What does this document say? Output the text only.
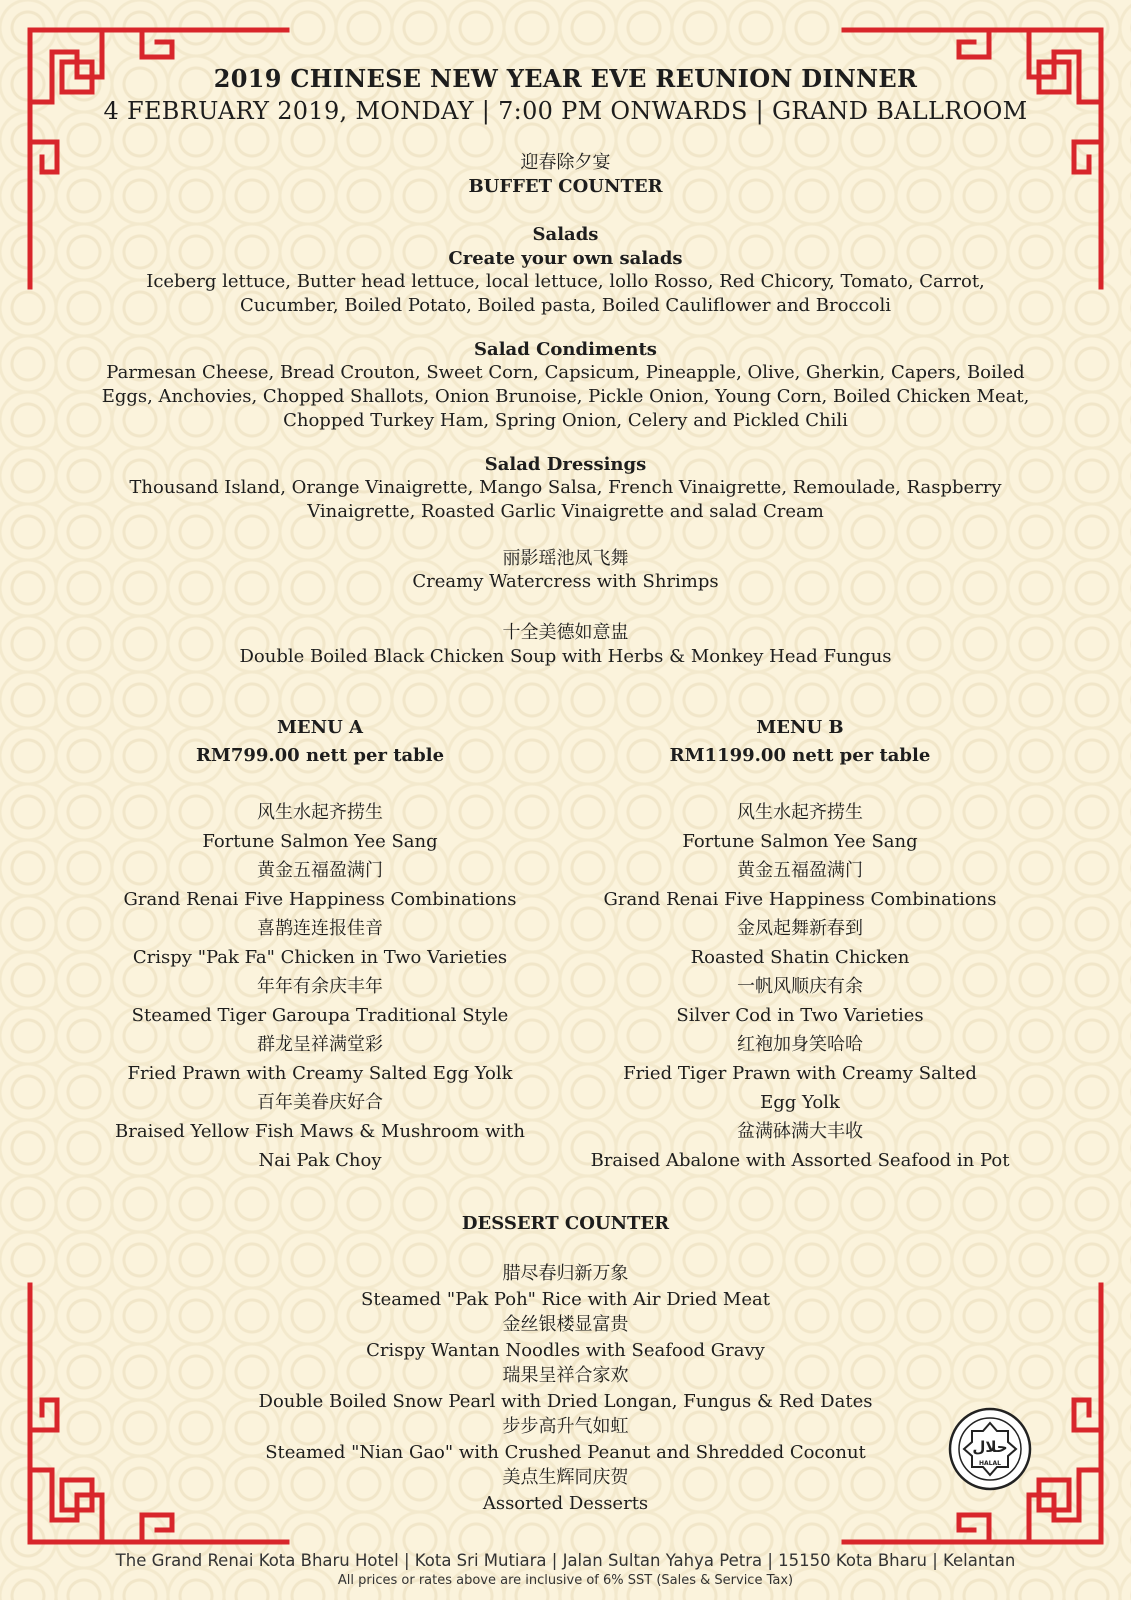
2019 CHINESE NEW YEAR EVE REUNION DINNER
4 FEBRUARY 2019, MONDAY | 7:00 PM ONWARDS | GRAND BALLROOM
迎春除夕宴
BUFFET COUNTER
Salads
Create your own salads
Iceberg lettuce, Butter head lettuce, local lettuce, lollo Rosso, Red Chicory, Tomato, Carrot,
Cucumber, Boiled Potato, Boiled pasta, Boiled Cauliflower and Broccoli
Salad Condiments
Parmesan Cheese, Bread Crouton, Sweet Corn, Capsicum, Pineapple, Olive, Gherkin, Capers, Boiled
Eggs, Anchovies, Chopped Shallots, Onion Brunoise, Pickle Onion, Young Corn, Boiled Chicken Meat,
Chopped Turkey Ham, Spring Onion, Celery and Pickled Chili
Salad Dressings
Thousand Island, Orange Vinaigrette, Mango Salsa, French Vinaigrette, Remoulade, Raspberry
Vinaigrette, Roasted Garlic Vinaigrette and salad Cream
丽影瑶池凤飞舞
Creamy Watercress with Shrimps
十全美德如意盅
Double Boiled Black Chicken Soup with Herbs & Monkey Head Fungus
MENU A
RM799.00 nett per table
风生水起齐捞生
Fortune Salmon Yee Sang
黄金五福盈满门
Grand Renai Five Happiness Combinations
喜鹊连连报佳音
Crispy "Pak Fa" Chicken in Two Varieties
年年有余庆丰年
Steamed Tiger Garoupa Traditional Style
群龙呈祥满堂彩
Fried Prawn with Creamy Salted Egg Yolk
百年美眷庆好合
Braised Yellow Fish Maws & Mushroom with
Nai Pak Choy
MENU B
RM1199.00 nett per table
风生水起齐捞生
Fortune Salmon Yee Sang
黄金五福盈满门
Grand Renai Five Happiness Combinations
金凤起舞新春到
Roasted Shatin Chicken
一帆风顺庆有余
Silver Cod in Two Varieties
红袍加身笑哈哈
Fried Tiger Prawn with Creamy Salted
Egg Yolk
盆满砵满大丰收
Braised Abalone with Assorted Seafood in Pot
DESSERT COUNTER
腊尽春归新万象
Steamed "Pak Poh" Rice with Air Dried Meat
金丝银楼显富贵
Crispy Wantan Noodles with Seafood Gravy
瑞果呈祥合家欢
Double Boiled Snow Pearl with Dried Longan, Fungus & Red Dates
步步高升气如虹
Steamed "Nian Gao" with Crushed Peanut and Shredded Coconut
美点生辉同庆贺
Assorted Desserts
حلال
HALAL
The Grand Renai Kota Bharu Hotel | Kota Sri Mutiara | Jalan Sultan Yahya Petra | 15150 Kota Bharu | Kelantan
All prices or rates above are inclusive of 6% SST (Sales & Service Tax)
